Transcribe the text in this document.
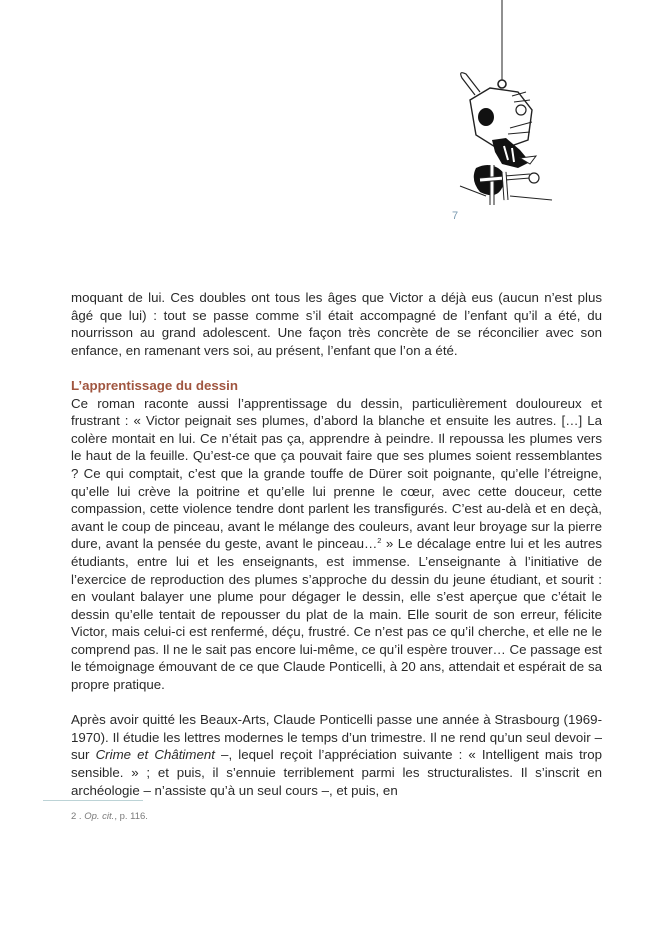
7

moquant de lui. Ces doubles ont tous les âges que Victor a déjà eus (aucun n’est plus âgé que lui) : tout se passe comme s’il était accompagné de l’enfant qu’il a été, du nourrisson au grand adolescent. Une façon très concrète de se réconcilier avec son enfance, en ramenant vers soi, au présent, l’enfant que l’on a été.

L’apprentissage du dessin

Ce roman raconte aussi l’apprentissage du dessin, particulièrement douloureux et frustrant : « Victor peignait ses plumes, d’abord la blanche et ensuite les autres. […] La colère montait en lui. Ce n’était pas ça, apprendre à peindre. Il repoussa les plumes vers le haut de la feuille. Qu’est-ce que ça pouvait faire que ses plumes soient ressemblantes ? Ce qui comptait, c’est que la grande touffe de Dürer soit poignante, qu’elle l’étreigne, qu’elle lui crève la poitrine et qu’elle lui prenne le cœur, avec cette douceur, cette compassion, cette violence tendre dont parlent les transfigurés. C’est au-delà et en deçà, avant le coup de pinceau, avant le mélange des couleurs, avant leur broyage sur la pierre dure, avant la pensée du geste, avant le pinceau…$^2$ » Le décalage entre lui et les autres étudiants, entre lui et les enseignants, est immense. L’enseignante à l’initiative de l’exercice de reproduction des plumes s’approche du dessin du jeune étudiant, et sourit : en voulant balayer une plume pour dégager le dessin, elle s’est aperçue que c’était le dessin qu’elle tentait de repousser du plat de la main. Elle sourit de son erreur, félicite Victor, mais celui-ci est renfermé, déçu, frustré. Ce n’est pas ce qu’il cherche, et elle ne le comprend pas. Il ne le sait pas encore lui-même, ce qu’il espère trouver… Ce passage est le témoignage émouvant de ce que Claude Ponticelli, à 20 ans, attendait et espérait de sa propre pratique.

Après avoir quitté les Beaux-Arts, Claude Ponticelli passe une année à Strasbourg (1969-1970). Il étudie les lettres modernes le temps d’un trimestre. Il ne rend qu’un seul devoir – sur Crime et Châtiment –, lequel reçoit l’appréciation suivante : « Intelligent mais trop sensible. » ; et puis, il s’ennuie terriblement parmi les structuralistes. Il s’inscrit en archéologie – n’assiste qu’à un seul cours –, et puis, en

2 . Op. cit., p. 116.
